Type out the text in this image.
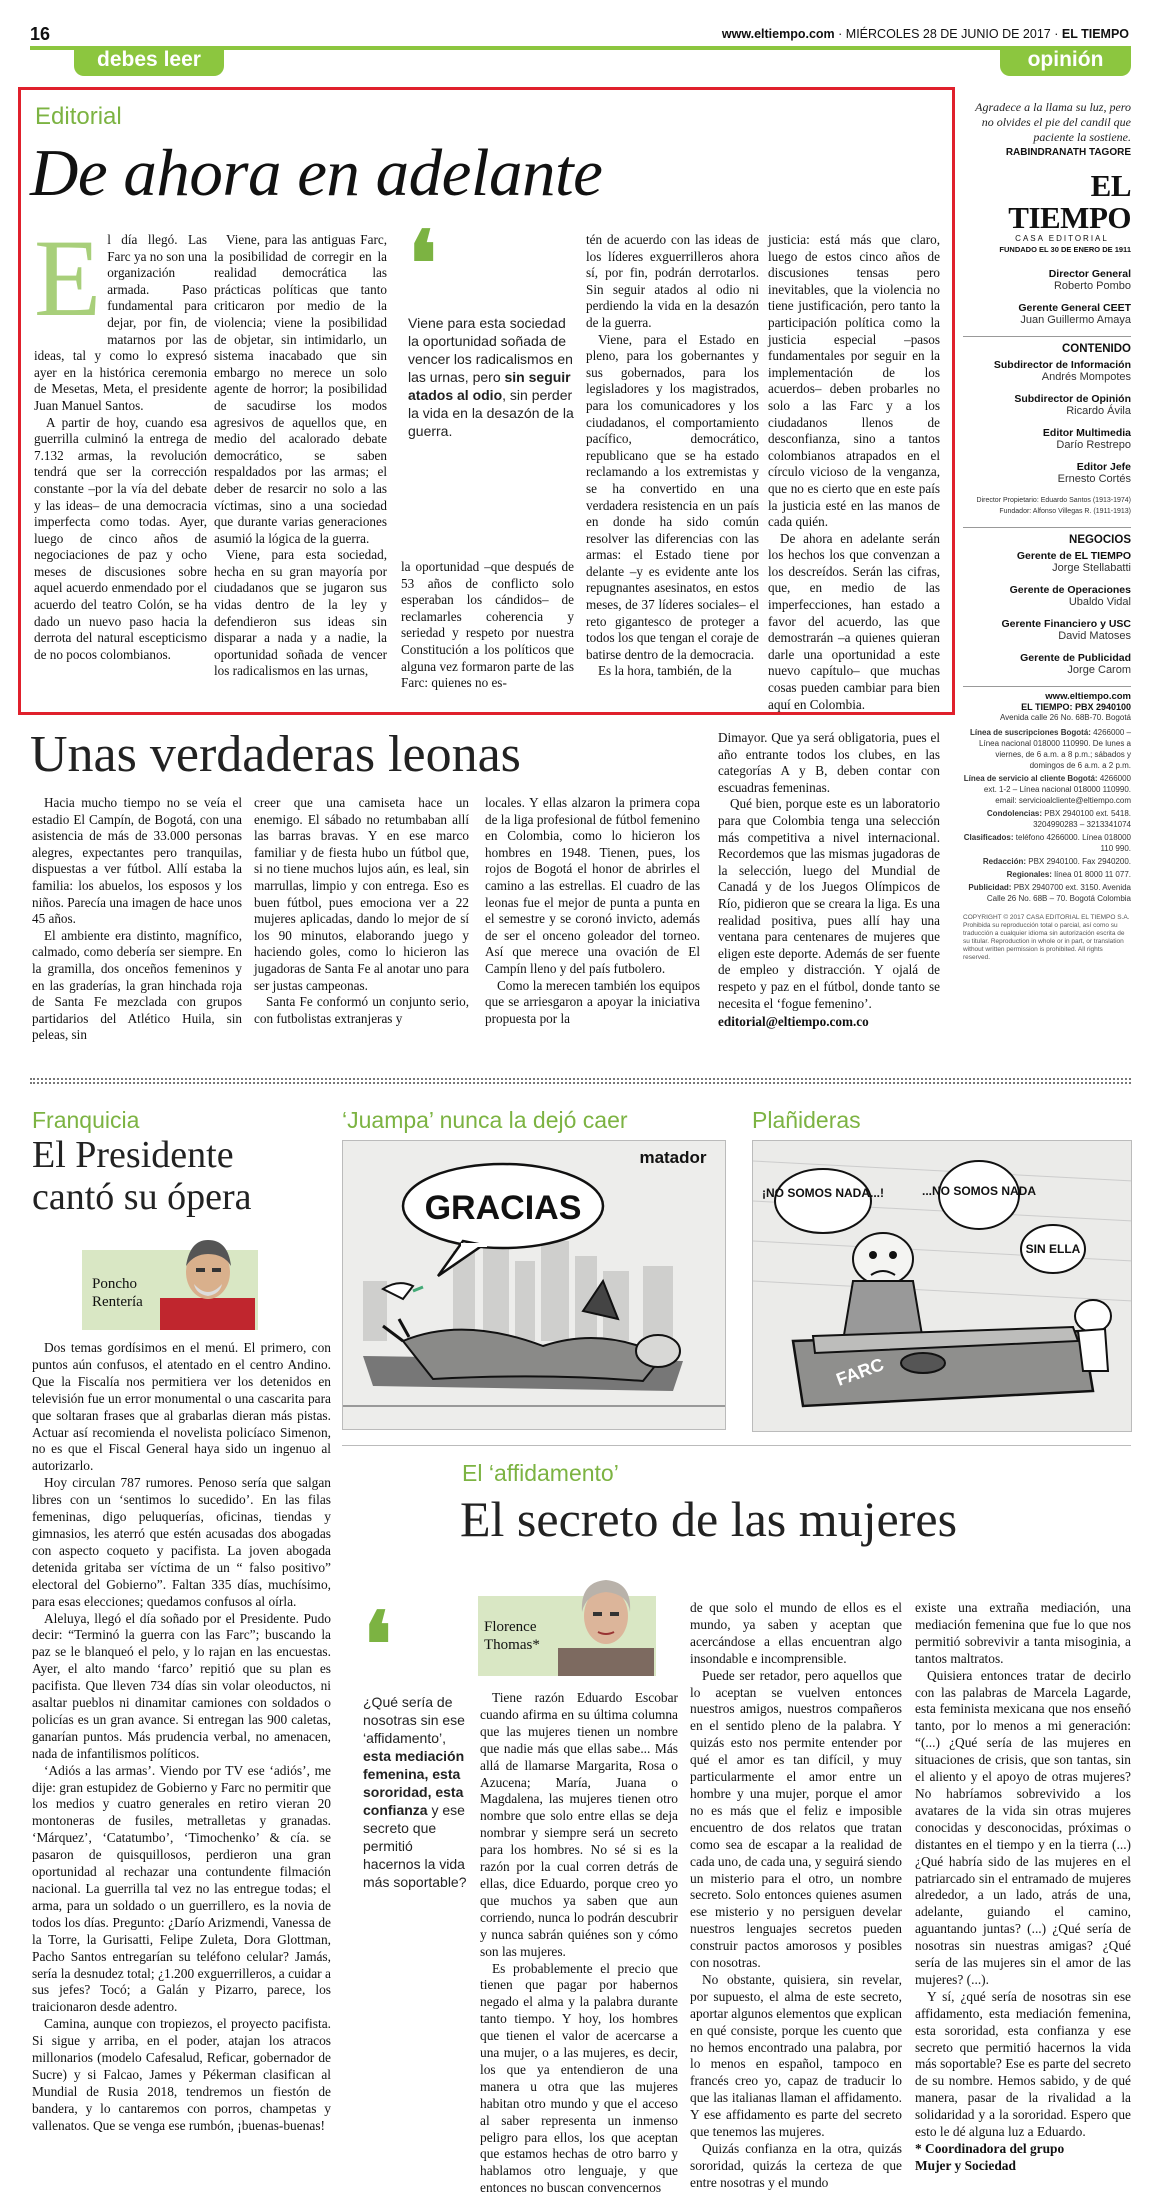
16	www.eltiempo.com · MIÉRCOLES 28 DE JUNIO DE 2017 · EL TIEMPO
debes leer	opinión
Editorial
De ahora en adelante
E l día llegó. Las Farc ya no son una organización armada. Paso fundamental para dejar, por fin, de matarnos por las ideas, tal y como lo expresó ayer en la histórica ceremonia de Mesetas, Meta, el presidente Juan Manuel Santos.

A partir de hoy, cuando esa guerrilla culminó la entrega de 7.132 armas, la revolución tendrá que ser la corrección constante –por la vía del debate y las ideas– de una democracia imperfecta como todas. Ayer, luego de cinco años de negociaciones de paz y ocho meses de discusiones sobre aquel acuerdo enmendado por el acuerdo del teatro Colón, se ha dado un nuevo paso hacia la derrota del natural escepticismo de no pocos colombianos.

Viene, para las antiguas Farc, la posibilidad de corregir en la realidad democrática las prácticas políticas que tanto criticaron por medio de la violencia; viene la posibilidad de objetar, sin intimidarlo, un sistema inacabado que sin embargo no merece un solo agente de horror; la posibilidad de sacudirse los modos agresivos de aquellos que, en medio del acalorado debate democrático, se saben respaldados por las armas; el deber de resarcir no solo a las víctimas, sino a una sociedad que durante varias generaciones asumió la lógica de la guerra.

Viene, para esta sociedad, hecha en su gran mayoría por ciudadanos que se jugaron sus vidas dentro de la ley y defendieron sus ideas sin disparar a nada y a nadie, la oportunidad soñada de vencer los radicalismos en las urnas,

❛
Viene para esta sociedad la oportunidad soñada de vencer los radicalismos en las urnas, pero sin seguir atados al odio, sin perder la vida en la desazón de la guerra.

la oportunidad –que después de 53 años de conflicto solo esperaban los cándidos– de reclamarles coherencia y seriedad y respeto por nuestra Constitución a los políticos que alguna vez formaron parte de las Farc: quienes no es-

tén de acuerdo con las ideas de los líderes exguerrilleros ahora sí, por fin, podrán derrotarlos. Sin seguir atados al odio ni perdiendo la vida en la desazón de la guerra.

Viene, para el Estado en pleno, para los gobernantes y sus gobernados, para los legisladores y los magistrados, para los comunicadores y los ciudadanos, el comportamiento pacífico, democrático, republicano que se ha estado reclamando a los extremistas y se ha convertido en una verdadera resistencia en un país en donde ha sido común resolver las diferencias con las armas: el Estado tiene por delante –y es evidente ante los repugnantes asesinatos, en estos meses, de 37 líderes sociales– el reto gigantesco de proteger a todos los que tengan el coraje de batirse dentro de la democracia.

Es la hora, también, de la

justicia: está más que claro, luego de estos cinco años de discusiones tensas pero inevitables, que la violencia no tiene justificación, pero tanto la participación política como la justicia especial –pasos fundamentales por seguir en la implementación de los acuerdos– deben probarles no solo a las Farc y a los ciudadanos llenos de desconfianza, sino a tantos colombianos atrapados en el círculo vicioso de la venganza, que no es cierto que en este país la justicia esté en las manos de cada quién.

De ahora en adelante serán los hechos los que convenzan a los descreídos. Serán las cifras, que, en medio de las imperfecciones, han estado a favor del acuerdo, las que demostrarán –a quienes quieran darle una oportunidad a este nuevo capítulo– que muchas cosas pueden cambiar para bien aquí en Colombia.

Agradece a la llama su luz, pero no olvides el pie del candil que paciente la sostiene.
RABINDRANATH TAGORE
EL TIEMPO
CASA EDITORIAL
FUNDADO EL 30 DE ENERO DE 1911
Director General
Roberto Pombo
Gerente General CEET
Juan Guillermo Amaya
CONTENIDO
Subdirector de Información
Andrés Mompotes
Subdirector de Opinión
Ricardo Ávila
Editor Multimedia
Darío Restrepo
Editor Jefe
Ernesto Cortés
Director Propietario: Eduardo Santos (1913-1974)
Fundador: Alfonso Villegas R. (1911-1913)
NEGOCIOS
Gerente de EL TIEMPO
Jorge Stellabatti
Gerente de Operaciones
Ubaldo Vidal
Gerente Financiero y USC
David Matoses
Gerente de Publicidad
Jorge Carom
www.eltiempo.com
EL TIEMPO: PBX 2940100
Avenida calle 26 No. 68B-70. Bogotá
Línea de suscripciones Bogotá: 4266000 – Línea nacional 018000 110990. De lunes a viernes, de 6 a.m. a 8 p.m.; sábados y domingos de 6 a.m. a 2 p.m.
Línea de servicio al cliente Bogotá: 4266000 ext. 1-2 – Línea nacional 018000 110990. email: servicioalcliente@eltiempo.com
Condolencias: PBX 2940100 ext. 5418. 3204990283 – 3213341074
Clasificados: teléfono 4266000. Línea 018000 110 990.
Redacción: PBX 2940100. Fax 2940200.
Regionales: línea 01 8000 11 077.
Publicidad: PBX 2940700 ext. 3150. Avenida Calle 26 No. 68B – 70. Bogotá Colombia
COPYRIGHT © 2017 CASA EDITORIAL EL TIEMPO S.A. Prohibida su reproducción total o parcial, así como su traducción a cualquier idioma sin autorización escrita de su titular. Reproduction in whole or in part, or translation without written permission is prohibited. All rights reserved.
Unas verdaderas leonas

Hacia mucho tiempo no se veía el estadio El Campín, de Bogotá, con una asistencia de más de 33.000 personas alegres, expectantes pero tranquilas, dispuestas a ver fútbol. Allí estaba la familia: los abuelos, los esposos y los niños. Parecía una imagen de hace unos 45 años.

El ambiente era distinto, magnífico, calmado, como debería ser siempre. En la gramilla, dos onceños femeninos y en las graderías, la gran hinchada roja de Santa Fe mezclada con grupos partidarios del Atlético Huila, sin peleas, sin

creer que una camiseta hace un enemigo. El sábado no retumbaban allí las barras bravas. Y en ese marco familiar y de fiesta hubo un fútbol que, si no tiene muchos lujos aún, es leal, sin marrullas, limpio y con entrega. Eso es buen fútbol, pues emociona ver a 22 mujeres aplicadas, dando lo mejor de sí los 90 minutos, elaborando juego y haciendo goles, como lo hicieron las jugadoras de Santa Fe al anotar uno para ser justas campeonas.

Santa Fe conformó un conjunto serio, con futbolistas extranjeras y

locales. Y ellas alzaron la primera copa de la liga profesional de fútbol femenino en Colombia, como lo hicieron los hombres en 1948. Tienen, pues, los rojos de Bogotá el honor de abrirles el camino a las estrellas. El cuadro de las leonas fue el mejor de punta a punta en el semestre y se coronó invicto, además de ser el onceno goleador del torneo. Así que merece una ovación de El Campín lleno y del país futbolero.

Como la merecen también los equipos que se arriesgaron a apoyar la iniciativa propuesta por la

Dimayor. Que ya será obligatoria, pues el año entrante todos los clubes, en las categorías A y B, deben contar con escuadras femeninas.

Qué bien, porque este es un laboratorio para que Colombia tenga una selección más competitiva a nivel internacional. Recordemos que las mismas jugadoras de la selección, luego del Mundial de Canadá y de los Juegos Olímpicos de Río, pidieron que se creara la liga. Es una realidad positiva, pues allí hay una ventana para centenares de mujeres que eligen este deporte. Además de ser fuente de empleo y distracción. Y ojalá de respeto y paz en el fútbol, donde tanto se necesita el ‘fogue femenino’.

editorial@eltiempo.com.co
Franquicia
El Presidente cantó su ópera
Poncho Rentería

Dos temas gordísimos en el menú. El primero, con puntos aún confusos, el atentado en el centro Andino. Que la Fiscalía nos permitiera ver los detenidos en televisión fue un error monumental o una cascarita para que soltaran frases que al grabarlas dieran más pistas. Actuar así recomienda el novelista policíaco Simenon, no es que el Fiscal General haya sido un ingenuo al autorizarlo.

Hoy circulan 787 rumores. Penoso sería que salgan libres con un ‘sentimos lo sucedido’. En las filas femeninas, digo peluquerías, oficinas, tiendas y gimnasios, les aterró que estén acusadas dos abogadas con aspecto coqueto y pacifista. La joven abogada detenida gritaba ser víctima de un “ falso positivo” electoral del Gobierno”. Faltan 335 días, muchísimo, para esas elecciones; quedamos confusos al oírla.

Aleluya, llegó el día soñado por el Presidente. Pudo decir: “Terminó la guerra con las Farc”; buscando la paz se le blanqueó el pelo, y lo rajan en las encuestas. Ayer, el alto mando ‘farco’ repitió que su plan es pacifista. Que lleven 734 días sin volar oleoductos, ni asaltar pueblos ni dinamitar camiones con soldados o policías es un gran avance. Si entregan las 900 caletas, ganarían puntos. Más prudencia verbal, no amenacen, nada de infantilismos políticos.

‘Adiós a las armas’. Viendo por TV ese ‘adiós’, me dije: gran estupidez de Gobierno y Farc no permitir que los medios y cuatro generales en retiro vieran 20 montoneras de fusiles, metralletas y granadas. ‘Márquez’, ‘Catatumbo’, ‘Timochenko’ & cía. se pasaron de quisquillosos, perdieron una gran oportunidad al rechazar una contundente filmación nacional. La guerrilla tal vez no las entregue todas; el arma, para un soldado o un guerrillero, es la novia de todos los días. Pregunto: ¿Darío Arizmendi, Vanessa de la Torre, la Gurisatti, Felipe Zuleta, Dora Glottman, Pacho Santos entregarían su teléfono celular? Jamás, sería la desnudez total; ¿1.200 exguerrilleros, a cuidar a sus jefes? Tocó; a Galán y Pizarro, parece, los traicionaron desde adentro.

Camina, aunque con tropiezos, el proyecto pacifista. Si sigue y arriba, en el poder, atajan los atracos millonarios (modelo Cafesalud, Reficar, gobernador de Sucre) y si Falcao, James y Pékerman clasifican al Mundial de Rusia 2018, tendremos un fiestón de bandera, y lo cantaremos con porros, champetas y vallenatos. Que se venga ese rumbón, ¡buenas-buenas!

‘Juampa’ nunca la dejó caer
GRACIAS
matador
Plañideras
¡NO SOMOS NADA...!	...NO SOMOS NADA
SIN ELLA
FARC
El ‘affidamento’
El secreto de las mujeres
❛
¿Qué sería de nosotras sin ese ‘affidamento’, esta mediación femenina, esta sororidad, esta confianza y ese secreto que permitió hacernos la vida más soportable?
Florence Thomas*

Tiene razón Eduardo Escobar cuando afirma en su última columna que las mujeres tienen un nombre que nadie más que ellas sabe... Más allá de llamarse Margarita, Rosa o Azucena; María, Juana o Magdalena, las mujeres tienen otro nombre que solo entre ellas se deja nombrar y siempre será un secreto para los hombres. No sé si es la razón por la cual corren detrás de ellas, dice Eduardo, porque creo yo que muchos ya saben que aun corriendo, nunca lo podrán descubrir y nunca sabrán quiénes son y cómo son las mujeres.

Es probablemente el precio que tienen que pagar por habernos negado el alma y la palabra durante tanto tiempo. Y hoy, los hombres que tienen el valor de acercarse a una mujer, o a las mujeres, es decir, los que ya entendieron de una manera u otra que las mujeres habitan otro mundo y que el acceso al saber representa un inmenso peligro para ellos, los que aceptan que estamos hechas de otro barro y hablamos otro lenguaje, y que entonces no buscan convencernos

de que solo el mundo de ellos es el mundo, ya saben y aceptan que acercándose a ellas encuentran algo insondable e incomprensible.

Puede ser retador, pero aquellos que lo aceptan se vuelven entonces nuestros amigos, nuestros compañeros en el sentido pleno de la palabra. Y quizás esto nos permite entender por qué el amor es tan difícil, y muy particularmente el amor entre un hombre y una mujer, porque el amor no es más que el feliz e imposible encuentro de dos relatos que tratan como sea de escapar a la realidad de cada uno, de cada una, y seguirá siendo un misterio para el otro, un nombre secreto. Solo entonces quienes asumen ese misterio y no persiguen develar nuestros lenguajes secretos pueden construir pactos amorosos y posibles con nosotras.

No obstante, quisiera, sin revelar, por supuesto, el alma de este secreto, aportar algunos elementos que explican en qué consiste, porque les cuento que no hemos encontrado una palabra, por lo menos en español, tampoco en francés creo yo, capaz de traducir lo que las italianas llaman el affidamento. Y ese affidamento es parte del secreto que tenemos las mujeres.

Quizás confianza en la otra, quizás sororidad, quizás la certeza de que entre nosotras y el mundo

existe una extraña mediación, una mediación femenina que fue lo que nos permitió sobrevivir a tanta misoginia, a tantos maltratos.

Quisiera entonces tratar de decirlo con las palabras de Marcela Lagarde, esta feminista mexicana que nos enseñó tanto, por lo menos a mi generación: “(...) ¿Qué sería de las mujeres en situaciones de crisis, que son tantas, sin el aliento y el apoyo de otras mujeres? No habríamos sobrevivido a los avatares de la vida sin otras mujeres conocidas y desconocidas, próximas o distantes en el tiempo y en la tierra (...) ¿Qué habría sido de las mujeres en el patriarcado sin el entramado de mujeres alrededor, a un lado, atrás de una, adelante, guiando el camino, aguantando juntas? (...) ¿Qué sería de nosotras sin nuestras amigas? ¿Qué sería de las mujeres sin el amor de las mujeres? (...).

Y sí, ¿qué sería de nosotras sin ese affidamento, esta mediación femenina, esta sororidad, esta confianza y ese secreto que permitió hacernos la vida más soportable? Ese es parte del secreto de su nombre. Hemos sabido, y de qué manera, pasar de la rivalidad a la solidaridad y a la sororidad. Espero que esto le dé alguna luz a Eduardo.

* Coordinadora del grupo
Mujer y Sociedad
